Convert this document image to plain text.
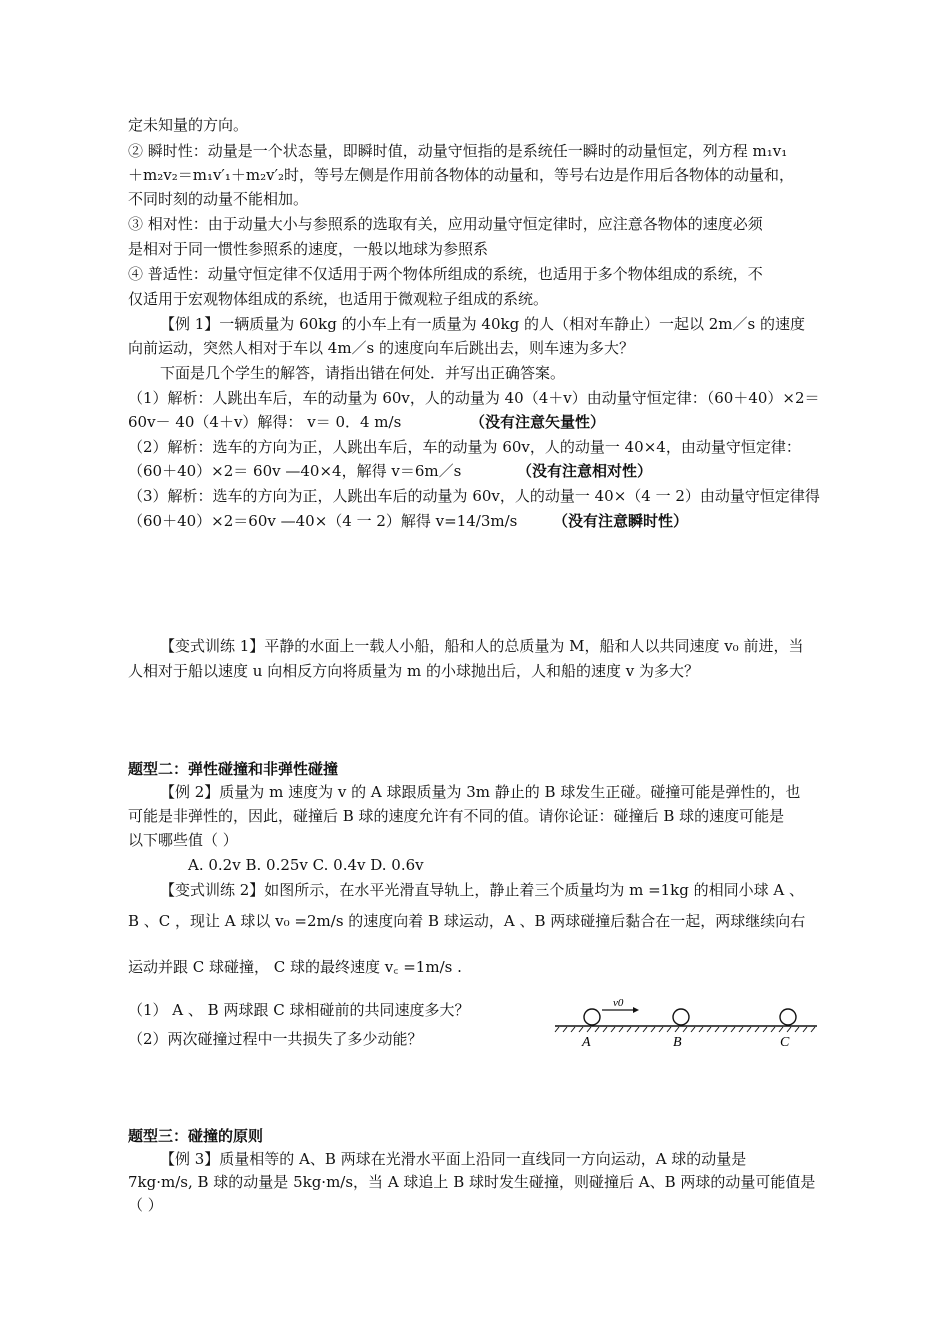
定未知量的方向。
② 瞬时性：动量是一个状态量，即瞬时值，动量守恒指的是系统任一瞬时的动量恒定，列方程 m₁v₁
＋m₂v₂＝m₁v′₁＋m₂v′₂时，等号左侧是作用前各物体的动量和，等号右边是作用后各物体的动量和，
不同时刻的动量不能相加。
③ 相对性：由于动量大小与参照系的选取有关，应用动量守恒定律时，应注意各物体的速度必须
是相对于同一惯性参照系的速度，一般以地球为参照系
④ 普适性：动量守恒定律不仅适用于两个物体所组成的系统，也适用于多个物体组成的系统，不
仅适用于宏观物体组成的系统，也适用于微观粒子组成的系统。
【例 1】一辆质量为 60kg 的小车上有一质量为 40kg 的人（相对车静止）一起以 2m／s 的速度
向前运动，突然人相对于车以 4m／s 的速度向车后跳出去，则车速为多大？
下面是几个学生的解答，请指出错在何处．并写出正确答案。
（1）解析：人跳出车后，车的动量为 60v，人的动量为 40（4＋v）由动量守恒定律：（60＋40）×2＝
60v－ 40（4＋v）解得： v＝ 0．4 m/s	（没有注意矢量性）
（2）解析：选车的方向为正，人跳出车后，车的动量为 60v，人的动量一 40×4，由动量守恒定律：
（60＋40）×2＝ 60v —40×4，解得 v＝6m／s	（没有注意相对性）
（3）解析：选车的方向为正，人跳出车后的动量为 60v，人的动量一 40×（4 一 2）由动量守恒定律得
（60＋40）×2＝60v —40×（4 一 2）解得 v=14/3m/s （没有注意瞬时性）
【变式训练 1】平静的水面上一载人小船，船和人的总质量为 M，船和人以共同速度 v₀ 前进，当
人相对于船以速度 u 向相反方向将质量为 m 的小球抛出后，人和船的速度 v 为多大？
题型二：弹性碰撞和非弹性碰撞
【例 2】质量为 m 速度为 v 的 A 球跟质量为 3m 静止的 B 球发生正碰。碰撞可能是弹性的，也
可能是非弹性的，因此，碰撞后 B 球的速度允许有不同的值。请你论证：碰撞后 B 球的速度可能是
以下哪些值（ ）
A. 0.2v B. 0.25v C. 0.4v D. 0.6v
【变式训练 2】如图所示，在水平光滑直导轨上，静止着三个质量均为 m =1kg 的相同小球 A 、
B 、C ，现让 A 球以 v₀ =2m/s 的速度向着 B 球运动，A 、B 两球碰撞后黏合在一起，两球继续向右
运动并跟 C 球碰撞， C 球的最终速度 v꜀ =1m/s .
（1） A 、 B 两球跟 C 球相碰前的共同速度多大？
（2）两次碰撞过程中一共损失了多少动能？
v0
A	B	C
题型三：碰撞的原则
【例 3】质量相等的 A、B 两球在光滑水平面上沿同一直线同一方向运动，A 球的动量是
7kg·m/s, B 球的动量是 5kg·m/s，当 A 球追上 B 球时发生碰撞，则碰撞后 A、B 两球的动量可能值是
（ ）
